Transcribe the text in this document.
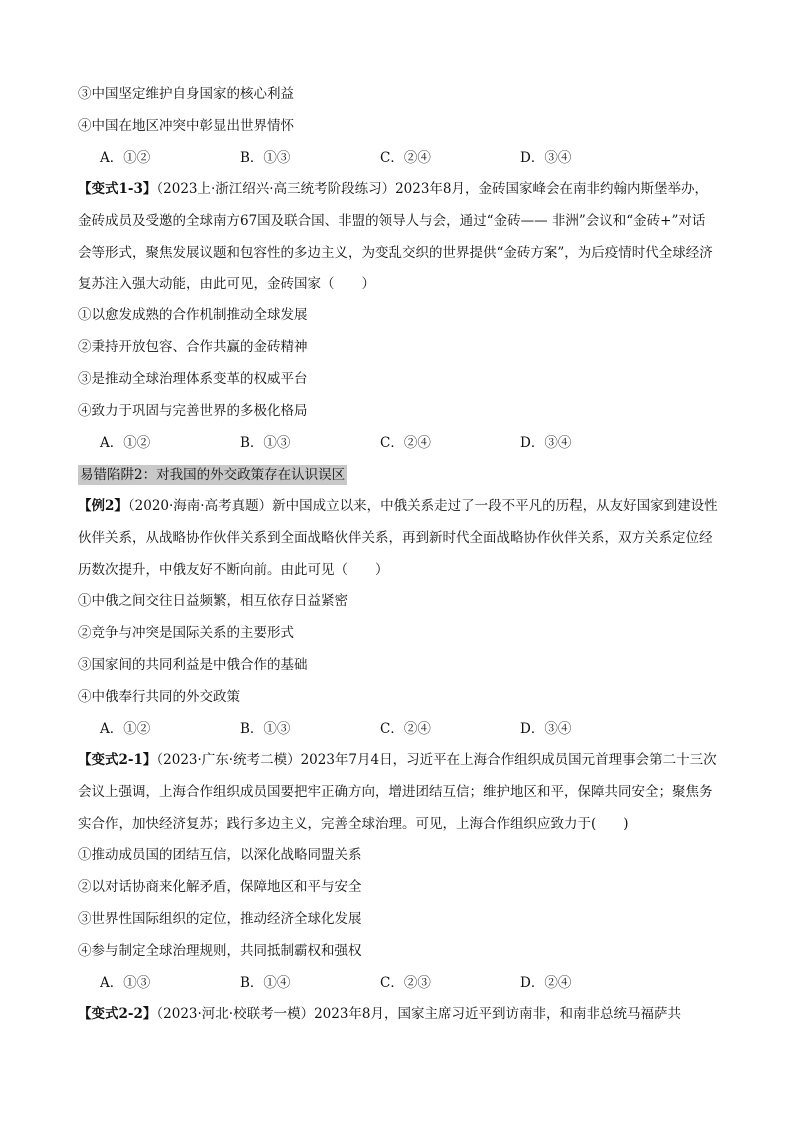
③中国坚定维护自身国家的核心利益
④中国在地区冲突中彰显出世界情怀
A．①②	B．①③	C．②④	D．③④
【变式1-3】（2023上·浙江绍兴·高三统考阶段练习）2023年8月，金砖国家峰会在南非约翰内斯堡举办，金砖成员及受邀的全球南方67国及联合国、非盟的领导人与会，通过“金砖—— 非洲”会议和“金砖+”对话会等形式，聚焦发展议题和包容性的多边主义，为变乱交织的世界提供“金砖方案”，为后疫情时代全球经济复苏注入强大动能，由此可见，金砖国家（　　）
①以愈发成熟的合作机制推动全球发展
②秉持开放包容、合作共赢的金砖精神
③是推动全球治理体系变革的权威平台
④致力于巩固与完善世界的多极化格局
A．①②	B．①③	C．②④	D．③④
易错陷阱2：对我国的外交政策存在认识误区
【例2】（2020·海南·高考真题）新中国成立以来，中俄关系走过了一段不平凡的历程，从友好国家到建设性伙伴关系，从战略协作伙伴关系到全面战略伙伴关系，再到新时代全面战略协作伙伴关系，双方关系定位经历数次提升，中俄友好不断向前。由此可见（　　）
①中俄之间交往日益频繁，相互依存日益紧密
②竞争与冲突是国际关系的主要形式
③国家间的共同利益是中俄合作的基础
④中俄奉行共同的外交政策
A．①②	B．①③	C．②④	D．③④
【变式2-1】（2023·广东·统考二模）2023年7月4日，习近平在上海合作组织成员国元首理事会第二十三次会议上强调，上海合作组织成员国要把牢正确方向，增进团结互信；维护地区和平，保障共同安全；聚焦务实合作，加快经济复苏；践行多边主义，完善全球治理。可见，上海合作组织应致力于(　　)
①推动成员国的团结互信，以深化战略同盟关系
②以对话协商来化解矛盾，保障地区和平与安全
③世界性国际组织的定位，推动经济全球化发展
④参与制定全球治理规则，共同抵制霸权和强权
A．①③	B．①④	C．②③	D．②④
【变式2-2】（2023·河北·校联考一模）2023年8月，国家主席习近平到访南非，和南非总统马福萨共
